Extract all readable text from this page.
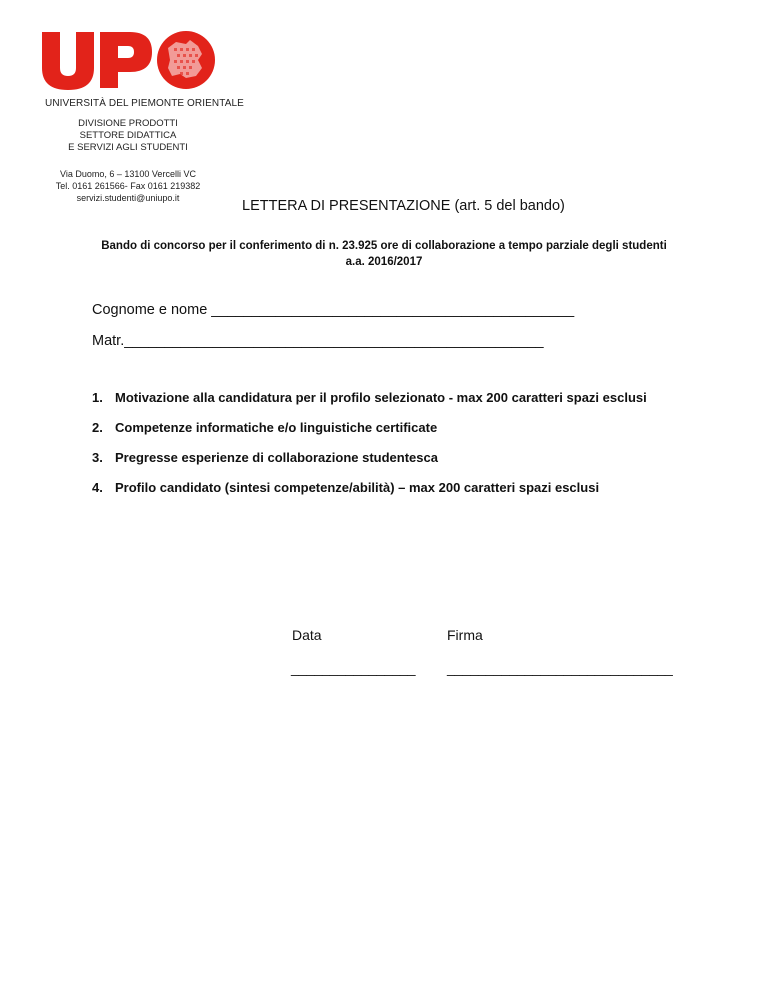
UNIVERSITÀ DEL PIEMONTE ORIENTALE
DIVISIONE PRODOTTI
SETTORE DIDATTICA
E SERVIZI AGLI STUDENTI
Via Duomo, 6 – 13100 Vercelli VC
Tel. 0161 261566- Fax 0161 219382
servizi.studenti@uniupo.it	LETTERA DI PRESENTAZIONE (art. 5 del bando)
Bando di concorso per il conferimento di n. 23.925 ore di collaborazione a tempo parziale degli studenti
a.a. 2016/2017
Cognome e nome _____________________________________________
Matr.____________________________________________________
1. Motivazione alla candidatura per il profilo selezionato - max 200 caratteri spazi esclusi
2. Competenze informatiche e/o linguistiche certificate
3. Pregresse esperienze di collaborazione studentesca
4. Profilo candidato (sintesi competenze/abilità) – max 200 caratteri spazi esclusi
Data	Firma
________________ _____________________________
